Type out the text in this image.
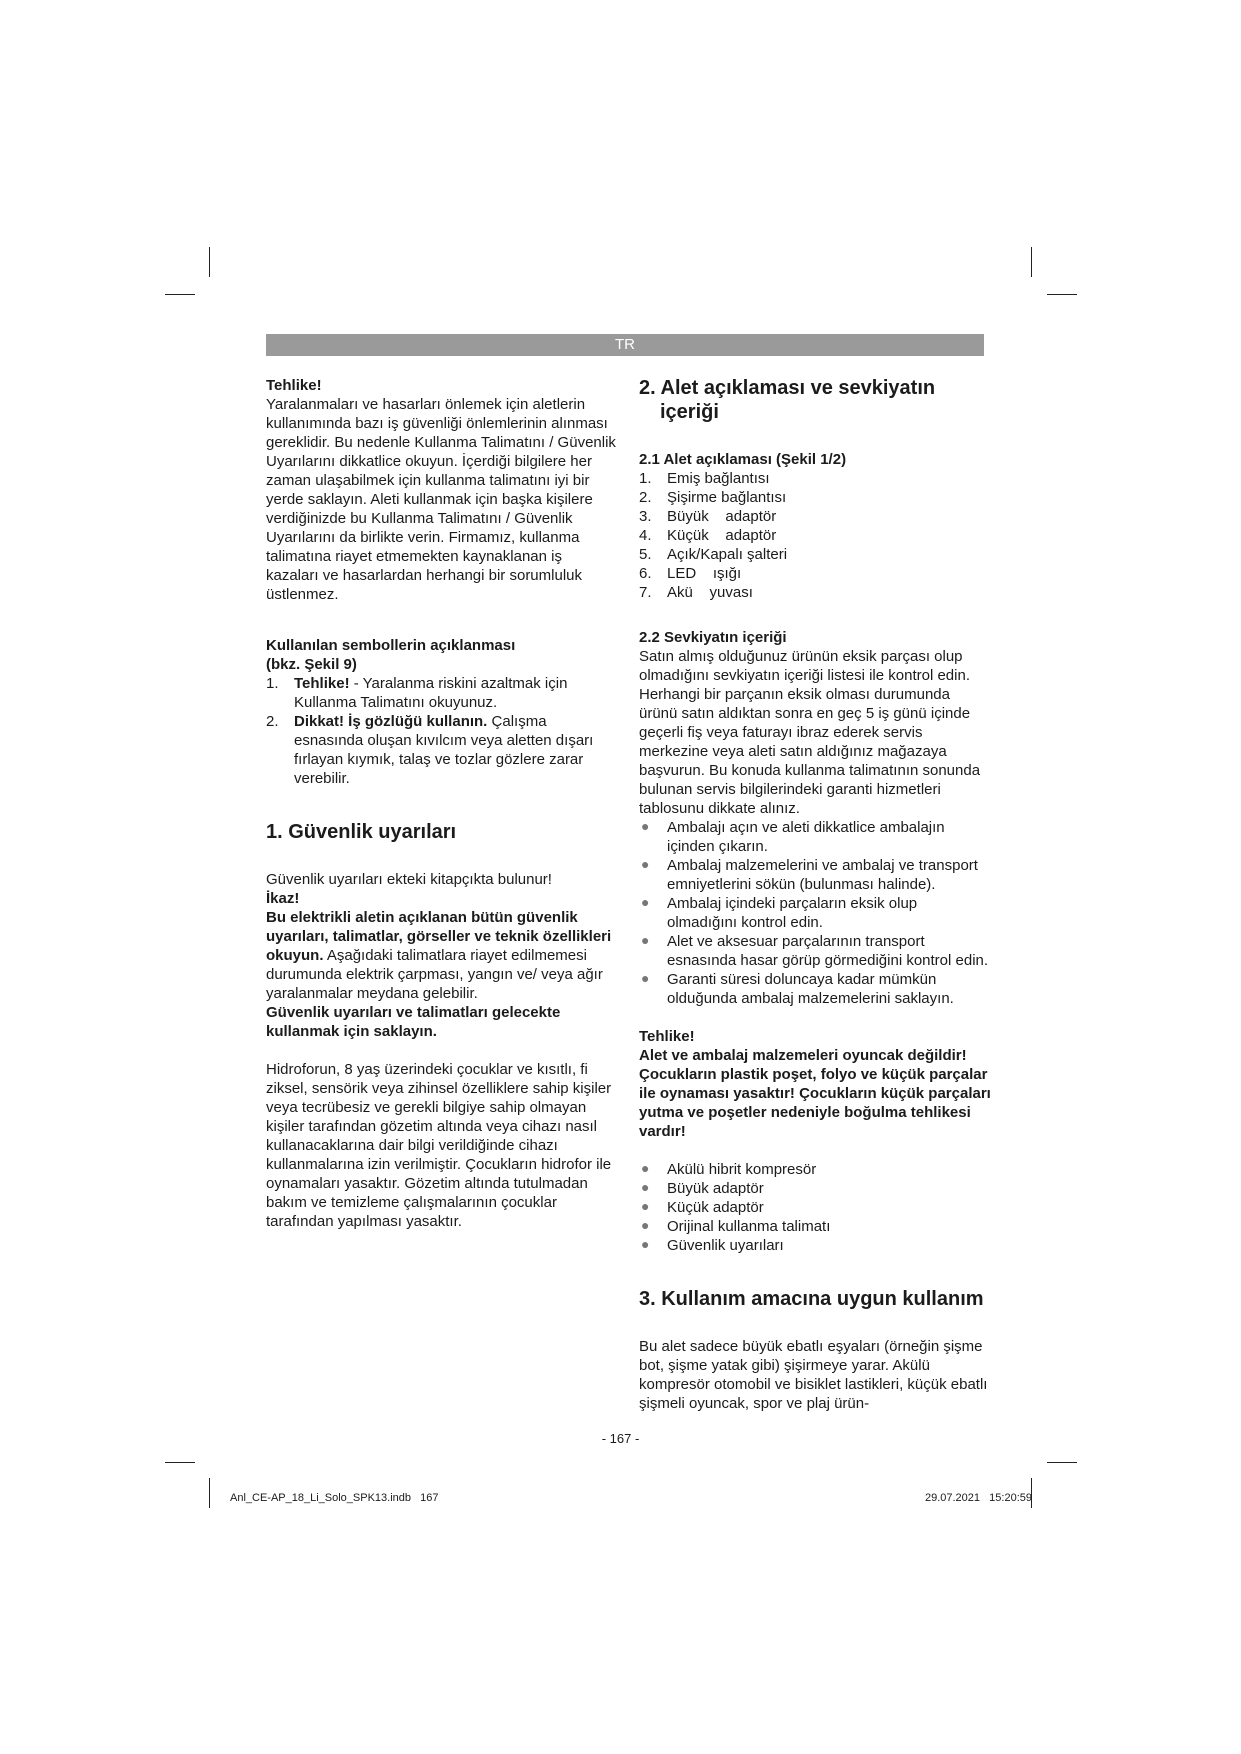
TR

Tehlike!

Yaralanmaları ve hasarları önlemek için aletlerin kullanımında bazı iş güvenliği önlemlerinin alınması gereklidir. Bu nedenle Kullanma Talimatını / Güvenlik Uyarılarını dikkatlice okuyun. İçerdiği bilgilere her zaman ulaşabilmek için kullanma talimatını iyi bir yerde saklayın. Aleti kullanmak için başka kişilere verdiğinizde bu Kullanma Talimatını / Güvenlik Uyarılarını da birlikte verin. Firmamız, kullanma talimatına riayet etmemekten kaynaklanan iş kazaları ve hasarlardan herhangi bir sorumluluk üstlenmez.

Kullanılan sembollerin açıklanması

(bkz. Şekil 9)

1. Tehlike! - Yaralanma riskini azaltmak için Kullanma Talimatını okuyunuz.
2. Dikkat! İş gözlüğü kullanın. Çalışma esnasında oluşan kıvılcım veya aletten dışarı fırlayan kıymık, talaş ve tozlar gözlere zarar verebilir.
1. Güvenlik uyarıları

Güvenlik uyarıları ekteki kitapçıkta bulunur!

İkaz!

Bu elektrikli aletin açıklanan bütün güvenlik uyarıları, talimatlar, görseller ve teknik özellikleri okuyun. Aşağıdaki talimatlara riayet edilmemesi durumunda elektrik çarpması, yangın ve/ veya ağır yaralanmalar meydana gelebilir.

Güvenlik uyarıları ve talimatları gelecekte kullanmak için saklayın.

Hidroforun, 8 yaş üzerindeki çocuklar ve kısıtlı, fi ziksel, sensörik veya zihinsel özelliklere sahip kişiler veya tecrübesiz ve gerekli bilgiye sahip olmayan kişiler tarafından gözetim altında veya cihazı nasıl kullanacaklarına dair bilgi verildiğinde cihazı kullanmalarına izin verilmiştir. Çocukların hidrofor ile oynamaları yasaktır. Gözetim altında tutulmadan bakım ve temizleme çalışmalarının çocuklar tarafından yapılması yasaktır.

2. Alet açıklaması ve sevkiyatın
içeriği

2.1 Alet açıklaması (Şekil 1/2)

1. Emiş bağlantısı
2. Şişirme bağlantısı
3. Büyük    adaptör
4. Küçük    adaptör
5. Açık/Kapalı şalteri
6. LED    ışığı
7. Akü    yuvası

2.2 Sevkiyatın içeriği

Satın almış olduğunuz ürünün eksik parçası olup olmadığını sevkiyatın içeriği listesi ile kontrol edin. Herhangi bir parçanın eksik olması durumunda ürünü satın aldıktan sonra en geç 5 iş günü içinde geçerli fiş veya faturayı ibraz ederek servis merkezine veya aleti satın aldığınız mağazaya başvurun. Bu konuda kullanma talimatının sonunda bulunan servis bilgilerindeki garanti hizmetleri tablosunu dikkate alınız.

● Ambalajı açın ve aleti dikkatlice ambalajın içinden çıkarın.
● Ambalaj malzemelerini ve ambalaj ve transport emniyetlerini sökün (bulunması halinde).
● Ambalaj içindeki parçaların eksik olup olmadığını kontrol edin.
● Alet ve aksesuar parçalarının transport esnasında hasar görüp görmediğini kontrol edin.
● Garanti süresi doluncaya kadar mümkün olduğunda ambalaj malzemelerini saklayın.

Tehlike!

Alet ve ambalaj malzemeleri oyuncak değildir! Çocukların plastik poşet, folyo ve küçük parçalar ile oynaması yasaktır! Çocukların küçük parçaları yutma ve poşetler nedeniyle boğulma tehlikesi vardır!

● Akülü hibrit kompresör
● Büyük adaptör
● Küçük adaptör
● Orijinal kullanma talimatı
● Güvenlik uyarıları
3. Kullanım amacına uygun kullanım

Bu alet sadece büyük ebatlı eşyaları (örneğin şişme bot, şişme yatak gibi) şişirmeye yarar. Akülü kompresör otomobil ve bisiklet lastikleri, küçük ebatlı şişmeli oyuncak, spor ve plaj ürün-

- 167 -
Anl_CE-AP_18_Li_Solo_SPK13.indb   167	29.07.2021   15:20:59
